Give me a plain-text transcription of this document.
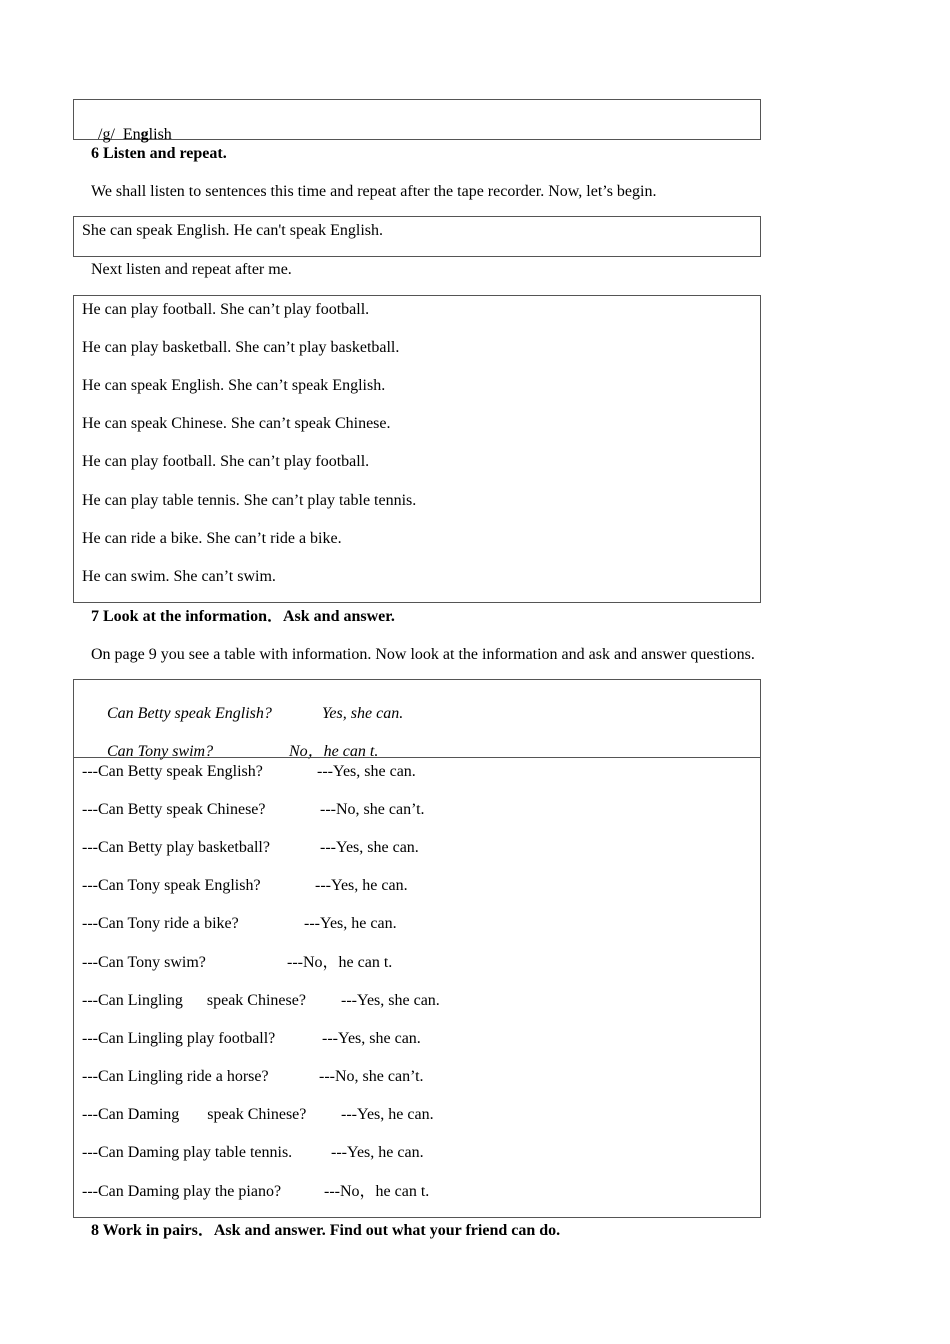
/g/ English

6 Listen and repeat.
We shall listen to sentences this time and repeat after the tape recorder. Now, let’s begin.
She can speak English. He can't speak English.
Next listen and repeat after me.
He can play football. She can’t play football.
He can play basketball. She can’t play basketball.
He can speak English. She can’t speak English.
He can speak Chinese. She can’t speak Chinese.
He can play football. She can’t play football.
He can play table tennis. She can’t play table tennis.
He can ride a bike. She can’t ride a bike.
He can swim. She can’t swim.
7 Look at the information．Ask and answer.
On page 9 you see a table with information. Now look at the information and ask and answer questions.

Can Betty speak English?	Yes, she can.

Can Tony swim?	No，he can t.

---Can Betty speak English?	---Yes, she can.
---Can Betty speak Chinese?	---No, she can’t.
---Can Betty play basketball?	---Yes, she can.
---Can Tony speak English?	---Yes, he can.
---Can Tony ride a bike?	---Yes, he can.
---Can Tony swim?	---No，he can t.
---Can Lingling      speak Chinese? ---Yes, she can.
---Can Lingling play football?	---Yes, she can.
---Can Lingling ride a horse?	---No, she can’t.
---Can Daming       speak Chinese? ---Yes, he can.
---Can Daming play table tennis. ---Yes, he can.
---Can Daming play the piano?	---No，he can t.
8 Work in pairs．Ask and answer. Find out what your friend can do.
